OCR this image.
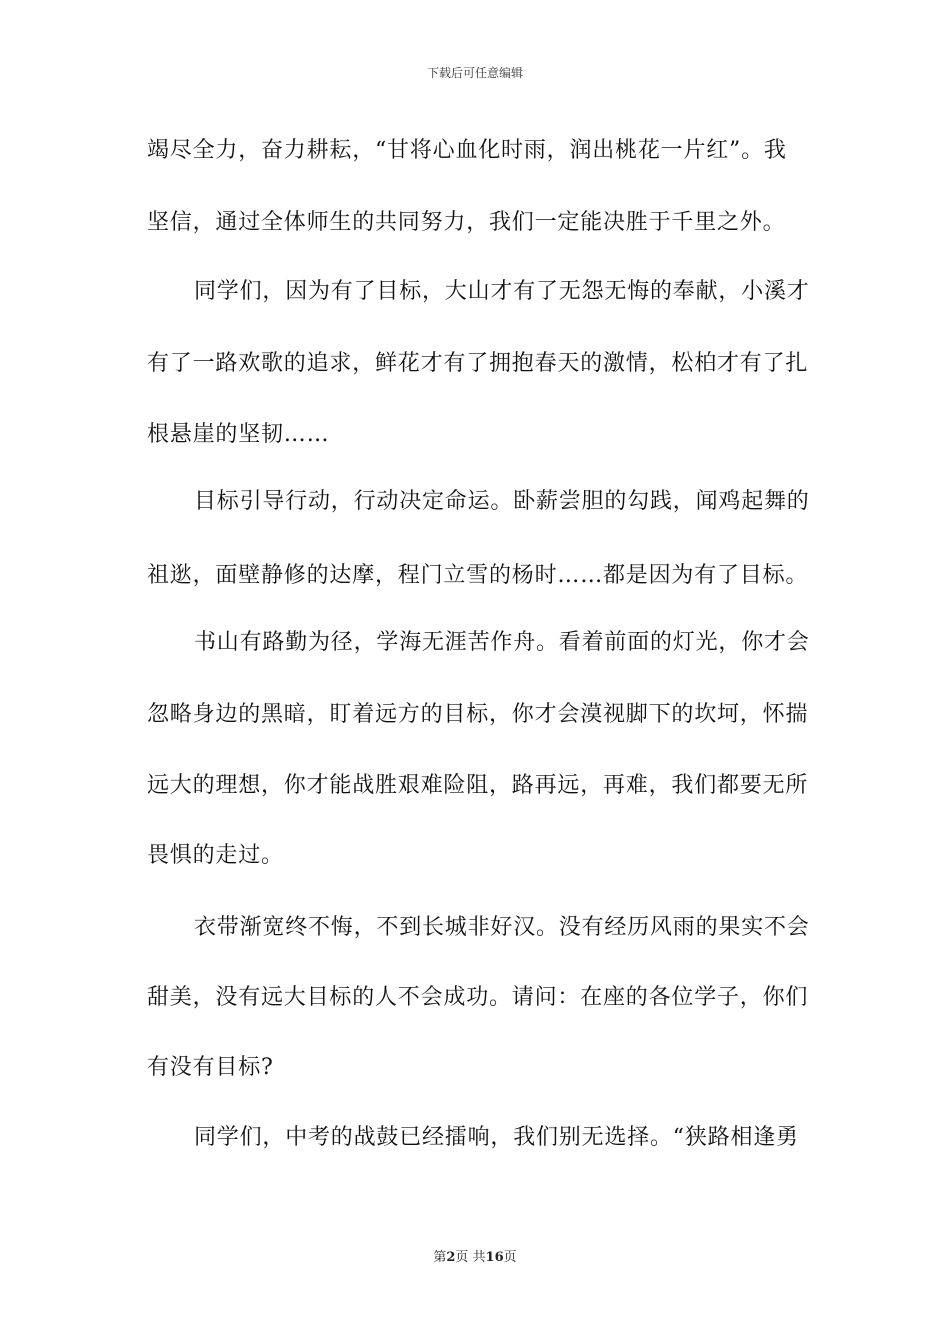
下载后可任意编辑
竭尽全力，奋力耕耘，“甘将心血化时雨，润出桃花一片红”。我
坚信，通过全体师生的共同努力，我们一定能决胜于千里之外。
同学们，因为有了目标，大山才有了无怨无悔的奉献，小溪才
有了一路欢歌的追求，鲜花才有了拥抱春天的激情，松柏才有了扎
根悬崖的坚韧……
目标引导行动，行动决定命运。卧薪尝胆的勾践，闻鸡起舞的
祖逖，面壁静修的达摩，程门立雪的杨时……都是因为有了目标。
书山有路勤为径，学海无涯苦作舟。看着前面的灯光，你才会
忽略身边的黑暗，盯着远方的目标，你才会漠视脚下的坎坷，怀揣
远大的理想，你才能战胜艰难险阻，路再远，再难，我们都要无所
畏惧的走过。
衣带渐宽终不悔，不到长城非好汉。没有经历风雨的果实不会
甜美，没有远大目标的人不会成功。请问：在座的各位学子，你们
有没有目标?
同学们，中考的战鼓已经擂响，我们别无选择。“狭路相逢勇
第2页 共16页
